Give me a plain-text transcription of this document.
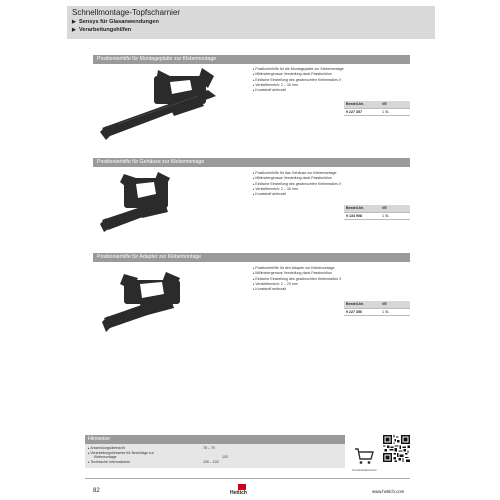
Schnellmontage-Topfscharnier
▶ Sensys für Glasanwendungen
▶ Verarbeitungshilfen
Positionierhilfe für Montageplatte zur Klebemontage
▸ Positionierhilfe für die Montageplatte zur Klebemontage
▸ Millimetergenaue Verstellung dank Passfunktion
▸ Einfache Einstellung des gewünschten Klebemaßes X
▸ Verstellbereich: 2 – 30 mm
▸ Kunststoff anthrazit
Bestell-Nr.	VE
9 227 357	1 St.
Positionierhilfe für Gehäuse zur Klebemontage
▸ Positionierhilfe für das Gehäuse zur Klebemontage
▸ Millimetergenaue Verstellung dank Passfunktion
▸ Einfache Einstellung des gewünschten Klebemaßes X
▸ Verstellbereich: 2 – 30 mm
▸ Kunststoff anthrazit
Bestell-Nr.	VE
9 134 908	1 St.
Positionierhilfe für Adapter zur Klebemontage
▸ Positionierhilfe für den Adapter zur Klebemontage
▸ Millimetergenaue Verstellung dank Passfunktion
▸ Einfache Einstellung des gewünschten Klebemaßes X
▸ Verstellbereich: 2 – 23 mm
▸ Kunststoff anthrazit
Bestell-Nr.	VE
9 227 356	1 St.
Hinweise
▸ Anwendungsübersicht	78 – 79
▸ Verarbeitungshinweise für Beschläge zur
Klebemontage	103
▸ Technische Informationen	100 – 103
Produktdetails/hettich
82	Hettich	www.hettich.com
